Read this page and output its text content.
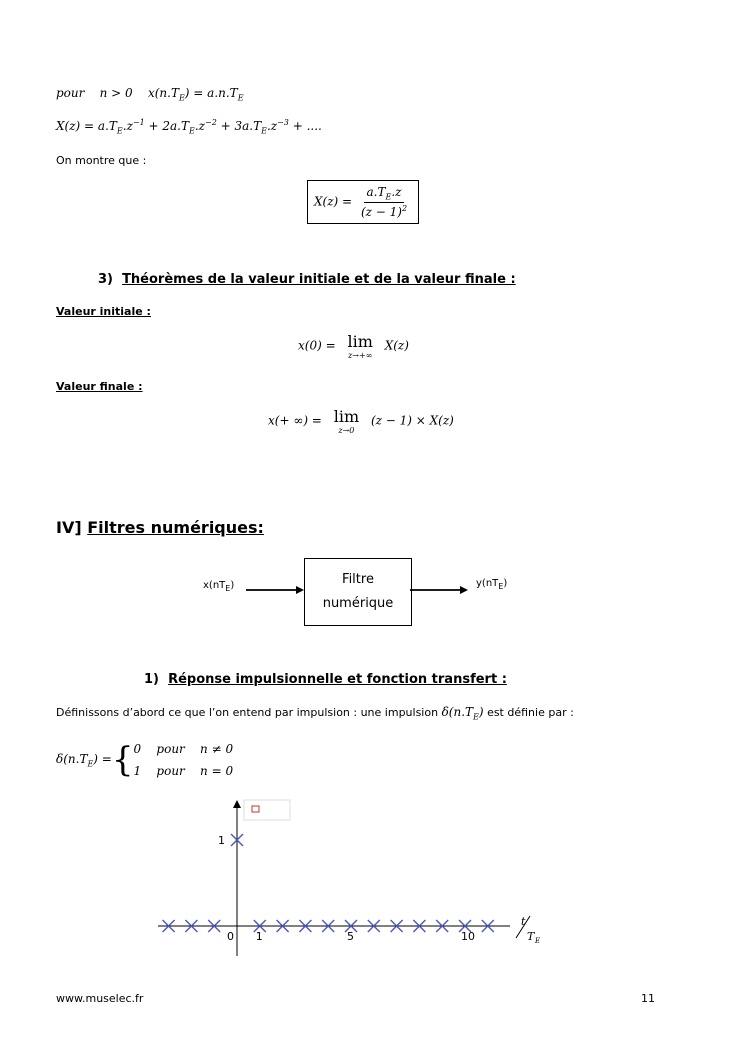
pour n > 0 $x(n.T_E) = a.n.T_E$
$X(z) = a.T_E.z^{-1} + 2a.T_E.z^{-2} + 3a.T_E.z^{-3}$ + ....
On montre que :
$X(z) = \frac{a.T_E.z}{(z - 1)^2}$
3) Théorèmes de la valeur initiale et de la valeur finale :
Valeur initiale :
x(0) = lim
z→+∞
X(z)
Valeur finale :
x(+ ∞) = lim
z→0
(z − 1) × X(z)
IV] Filtres numériques:
$x(nT_E)$	Filtre
numérique
$y(nT_E)$
1) Réponse impulsionnelle et fonction transfert :
Définissons d’abord ce que l’on entend par impulsion : une impulsion $\delta(n.T_E)$ est définie par :
$\delta(n.T_E)$ = { 0 pour n ≠ 0
1 pour n = 0
t
T E
0 1	5	10
1
www.muselec.fr	11
